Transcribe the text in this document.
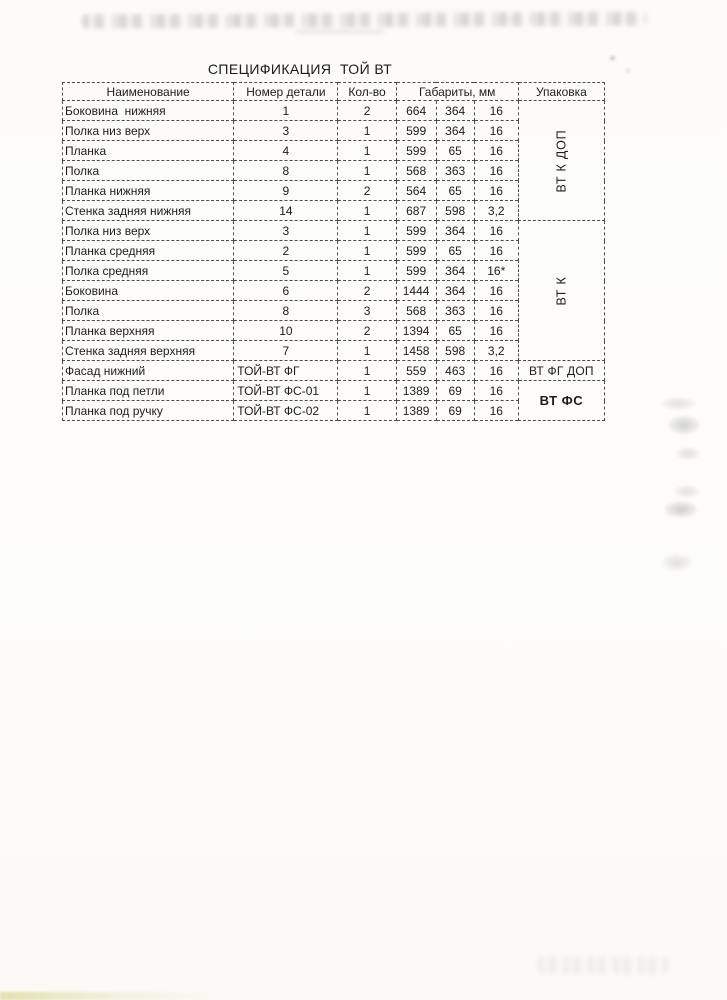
СПЕЦИФИКАЦИЯ  ТОЙ ВТ
Наименование	Номер детали	Кол-во	Габариты, мм			Упаковка
Боковина  нижняя	1	2	664	364	16	ВТ К ДОП
Полка низ верх	3	1	599	364	16	
Планка	4	1	599	65	16	
Полка	8	1	568	363	16	
Планка нижняя	9	2	564	65	16	
Стенка задняя нижняя	14	1	687	598	3,2	
Полка низ верх	3	1	599	364	16	ВТ К
Планка средняя	2	1	599	65	16	
Полка средняя	5	1	599	364	16*	
Боковина	6	2	1444	364	16	
Полка	8	3	568	363	16	
Планка верхняя	10	2	1394	65	16	
Стенка задняя верхняя	7	1	1458	598	3,2	
Фасад нижний	ТОЙ-ВТ ФГ	1	559	463	16	ВТ ФГ ДОП
Планка под петли	ТОЙ-ВТ ФС-01	1	1389	69	16	ВТ ФС
Планка под ручку	ТОЙ-ВТ ФС-02	1	1389	69	16	
